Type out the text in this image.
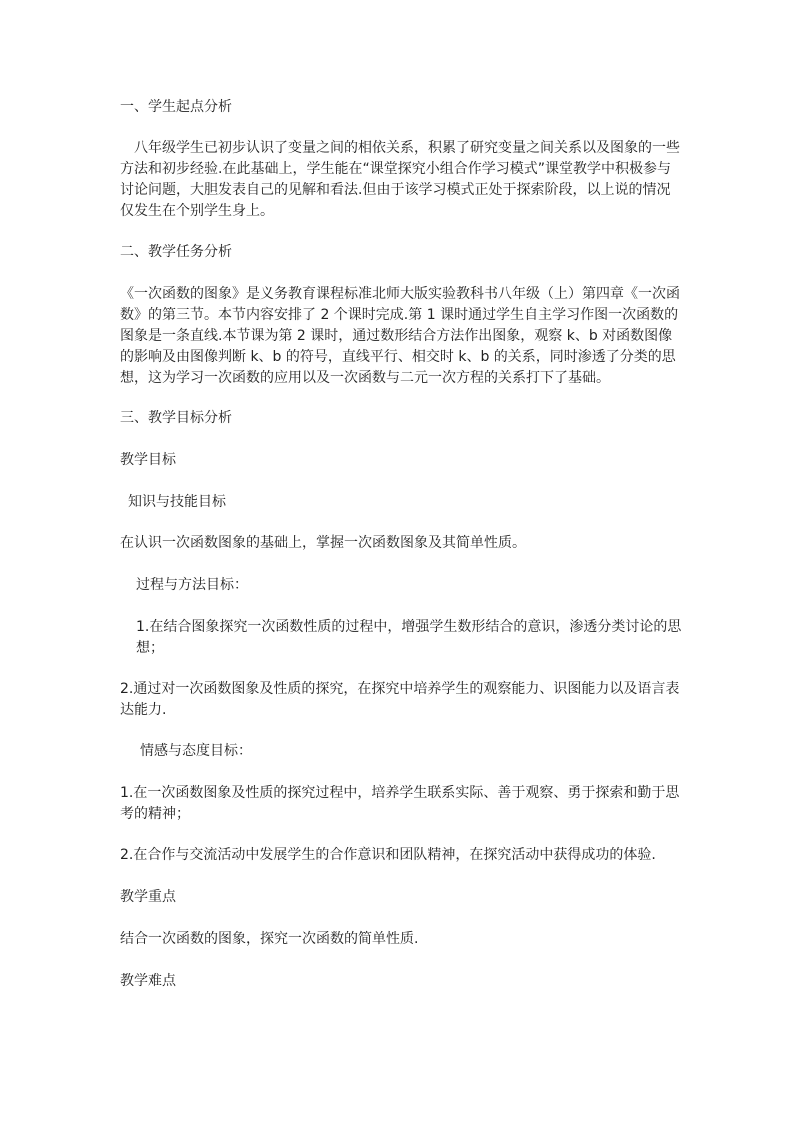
一、学生起点分析

八年级学生已初步认识了变量之间的相依关系，积累了研究变量之间关系以及图象的一些方法和初步经验.在此基础上，学生能在“课堂探究小组合作学习模式”课堂教学中积极参与讨论问题，大胆发表自己的见解和看法.但由于该学习模式正处于探索阶段，以上说的情况仅发生在个别学生身上。

二、教学任务分析

《一次函数的图象》是义务教育课程标准北师大版实验教科书八年级（上）第四章《一次函数》的第三节。本节内容安排了 2 个课时完成.第 1 课时通过学生自主学习作图一次函数的图象是一条直线.本节课为第 2 课时，通过数形结合方法作出图象，观察 k、b 对函数图像的影响及由图像判断 k、b 的符号，直线平行、相交时 k、b 的关系，同时渗透了分类的思想，这为学习一次函数的应用以及一次函数与二元一次方程的关系打下了基础。

三、教学目标分析

教学目标

知识与技能目标

在认识一次函数图象的基础上，掌握一次函数图象及其简单性质。

过程与方法目标：

1.在结合图象探究一次函数性质的过程中，增强学生数形结合的意识，渗透分类讨论的思想；

2.通过对一次函数图象及性质的探究，在探究中培养学生的观察能力、识图能力以及语言表达能力.

情感与态度目标：

1.在一次函数图象及性质的探究过程中，培养学生联系实际、善于观察、勇于探索和勤于思考的精神；

2.在合作与交流活动中发展学生的合作意识和团队精神，在探究活动中获得成功的体验.

教学重点

结合一次函数的图象，探究一次函数的简单性质.

教学难点
